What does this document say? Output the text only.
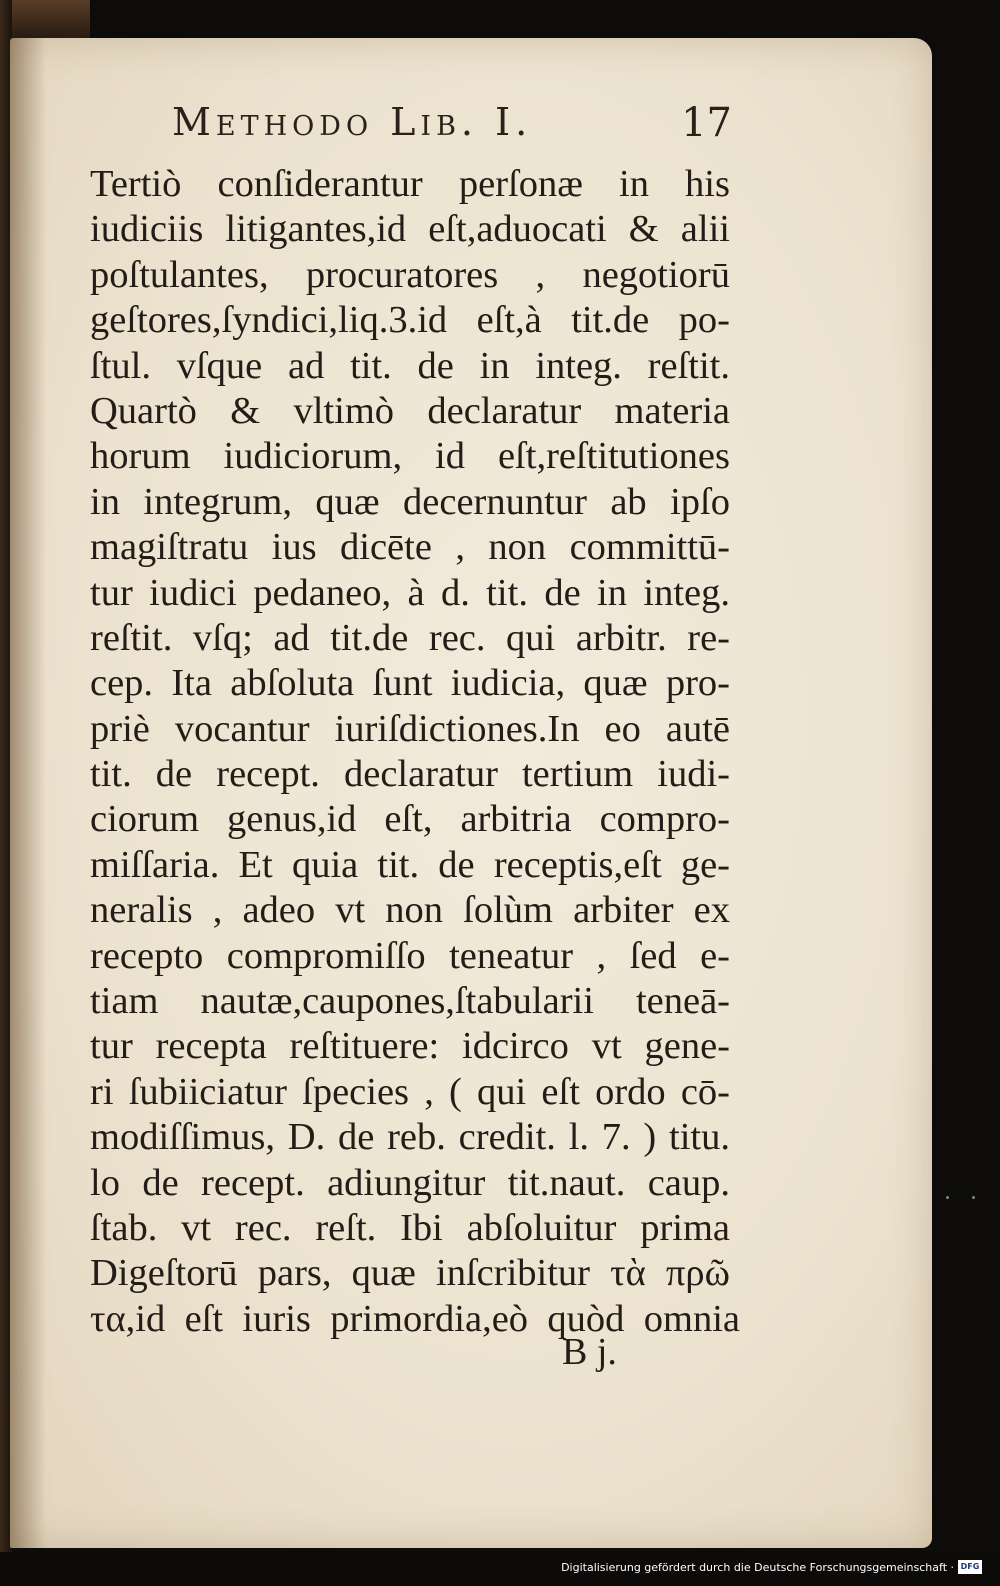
Methodo Lib. I.	17
Tertiò conſiderantur perſonæ in his
iudiciis litigantes,id eſt,aduocati & alii
poſtulantes, procuratores , negotiorū
geſtores,ſyndici,liq.3.id eſt,à tit.de po-
ſtul. vſque ad tit. de in integ. reſtit.
Quartò & vltimò declaratur materia
horum iudiciorum, id eſt,reſtitutiones
in integrum, quæ decernuntur ab ipſo
magiſtratu ius dicēte , non committū-
tur iudici pedaneo, à d. tit. de in integ.
reſtit. vſq; ad tit.de rec. qui arbitr. re-
cep. Ita abſoluta ſunt iudicia, quæ pro-
priè vocantur iuriſdictiones.In eo autē
tit. de recept. declaratur tertium iudi-
ciorum genus,id eſt, arbitria compro-
miſſaria. Et quia tit. de receptis,eſt ge-
neralis , adeo vt non ſolùm arbiter ex
recepto compromiſſo teneatur , ſed e-
tiam nautæ,caupones,ſtabularii teneā-
tur recepta reſtituere: idcirco vt gene-
ri ſubiiciatur ſpecies , ( qui eſt ordo cō-
modiſſimus, D. de reb. credit. l. 7. ) titu.
lo de recept. adiungitur tit.naut. caup.
ſtab. vt rec. reſt. Ibi abſoluitur prima
Digeſtorū pars, quæ inſcribitur τὰ πρῶ
τα,id eſt iuris primordia,eò quòd omnia
B j.
Digitalisierung gefördert durch die Deutsche Forschungsgemeinschaft · DFG
